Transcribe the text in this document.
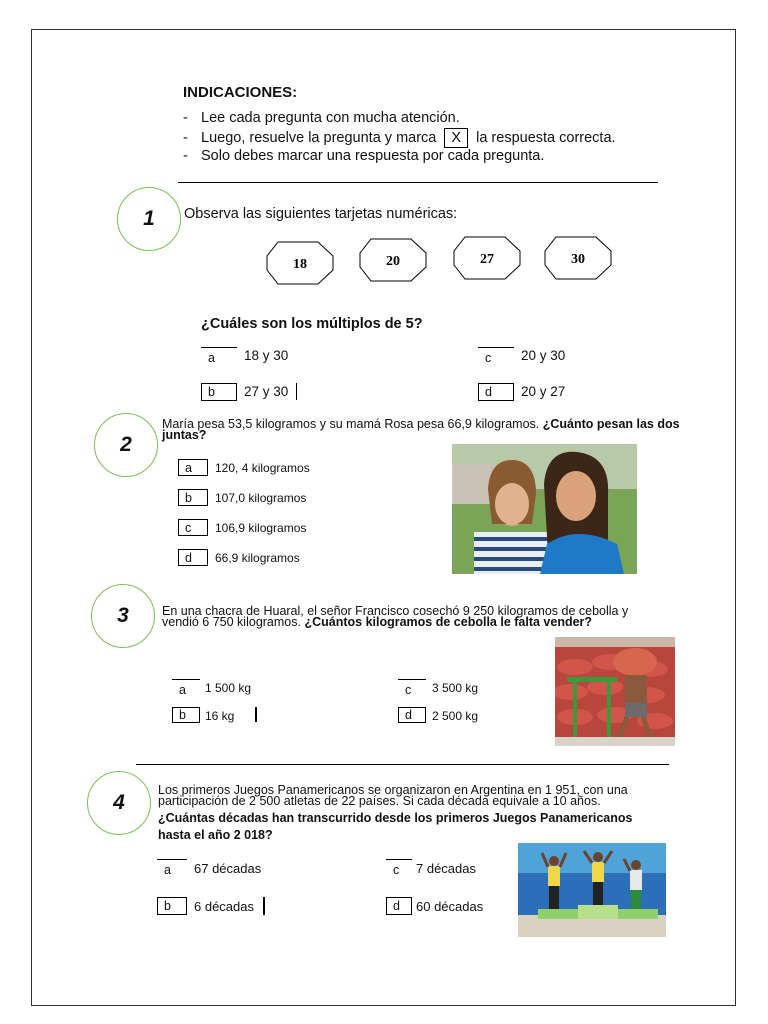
INDICACIONES:
- Lee cada pregunta con mucha atención.
- Luego, resuelve la pregunta y marca X la respuesta correcta.
- Solo debes marcar una respuesta por cada pregunta.
1	Observa las siguientes tarjetas numéricas:
18	20	27	30
¿Cuáles son los múltiplos de 5?
a	18 y 30
b	27 y 30
c	20 y 30
d	20 y 27
2
María pesa 53,5 kilogramos y su mamá Rosa pesa 66,9 kilogramos. ¿Cuánto pesan las dos juntas?
a	120, 4 kilogramos
b	107,0 kilogramos
c	106,9 kilogramos
d	66,9 kilogramos
3	En una chacra de Huaral, el señor Francisco cosechó 9 250 kilogramos de cebolla y
vendió 6 750 kilogramos. ¿Cuántos kilogramos de cebolla le falta vender?
a	1 500 kg
b	16 kg
c	3 500 kg
d	2 500 kg
4
Los primeros Juegos Panamericanos se organizaron en Argentina en 1 951, con una
participación de 2 500 atletas de 22 países. Si cada década equivale a 10 años.
¿Cuántas décadas han transcurrido desde los primeros Juegos Panamericanos
hasta el año 2 018?
a	67 décadas
b	6 décadas
c	7 décadas
d	60 décadas
